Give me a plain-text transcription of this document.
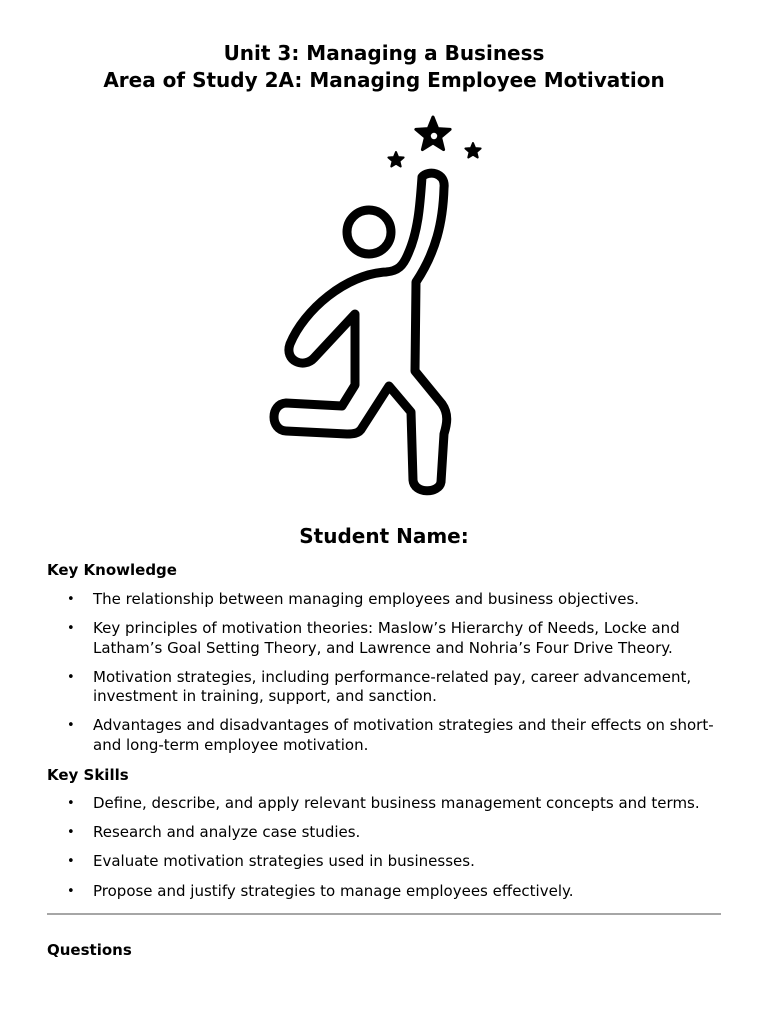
Unit 3: Managing a Business
Area of Study 2A: Managing Employee Motivation
Student Name:
Key Knowledge
• The relationship between managing employees and business objectives.
• Key principles of motivation theories: Maslow’s Hierarchy of Needs, Locke and Latham’s Goal Setting Theory, and Lawrence and Nohria’s Four Drive Theory.
• Motivation strategies, including performance-related pay, career advancement, investment in training, support, and sanction.
• Advantages and disadvantages of motivation strategies and their effects on short- and long-term employee motivation.
Key Skills
• Define, describe, and apply relevant business management concepts and terms.
• Research and analyze case studies.
• Evaluate motivation strategies used in businesses.
• Propose and justify strategies to manage employees effectively.
Questions
